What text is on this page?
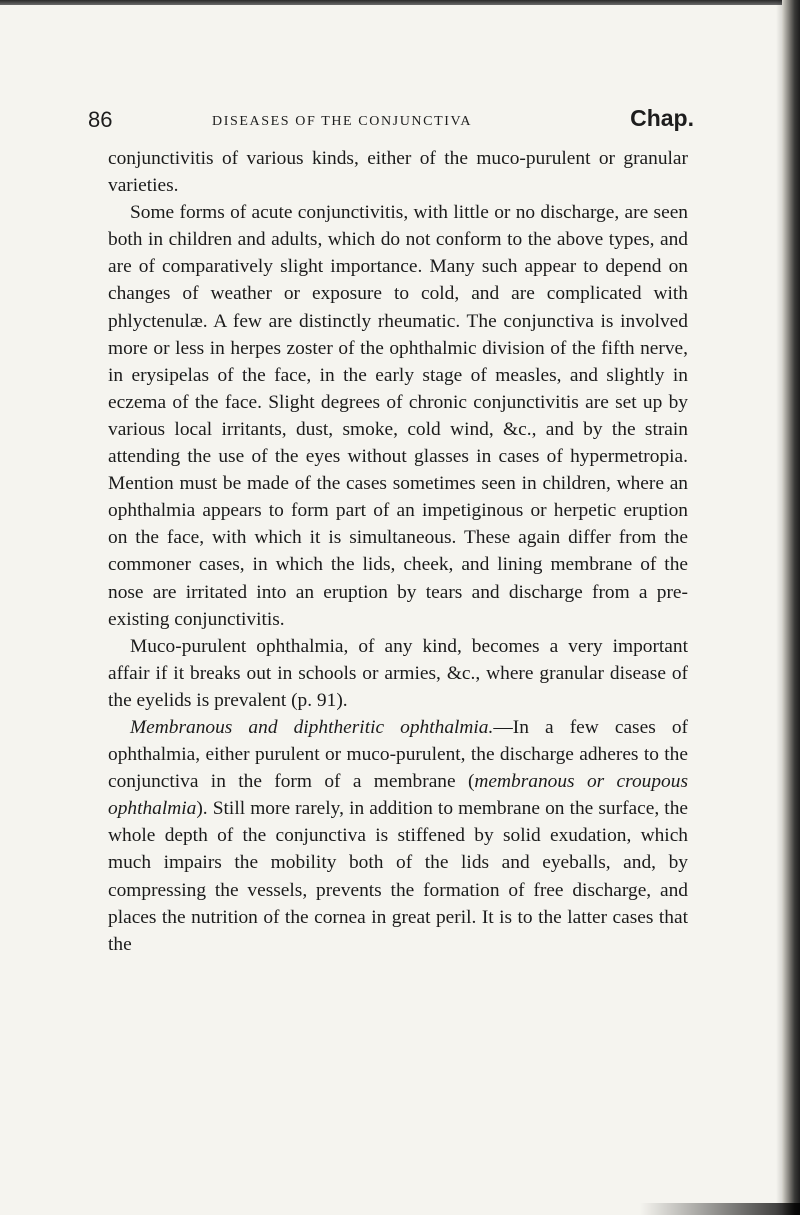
86	DISEASES OF THE CONJUNCTIVA	Chap.

conjunctivitis of various kinds, either of the muco-purulent or granular varieties.

Some forms of acute conjunctivitis, with little or no discharge, are seen both in children and adults, which do not conform to the above types, and are of comparatively slight importance. Many such appear to depend on changes of weather or exposure to cold, and are complicated with phlyctenulæ. A few are distinctly rheumatic. The conjunctiva is involved more or less in herpes zoster of the ophthalmic division of the fifth nerve, in erysipelas of the face, in the early stage of measles, and slightly in eczema of the face. Slight degrees of chronic conjunctivitis are set up by various local irritants, dust, smoke, cold wind, &c., and by the strain attending the use of the eyes without glasses in cases of hypermetropia. Mention must be made of the cases sometimes seen in children, where an ophthalmia appears to form part of an impetiginous or herpetic eruption on the face, with which it is simultaneous. These again differ from the commoner cases, in which the lids, cheek, and lining membrane of the nose are irritated into an eruption by tears and discharge from a pre-existing conjunctivitis.

Muco-purulent ophthalmia, of any kind, becomes a very important affair if it breaks out in schools or armies, &c., where granular disease of the eyelids is prevalent (p. 91).

Membranous and diphtheritic ophthalmia.—In a few cases of ophthalmia, either purulent or muco-purulent, the discharge adheres to the conjunctiva in the form of a membrane (membranous or croupous ophthalmia). Still more rarely, in addition to membrane on the surface, the whole depth of the conjunctiva is stiffened by solid exudation, which much impairs the mobility both of the lids and eyeballs, and, by compressing the vessels, prevents the formation of free discharge, and places the nutrition of the cornea in great peril. It is to the latter cases that the
